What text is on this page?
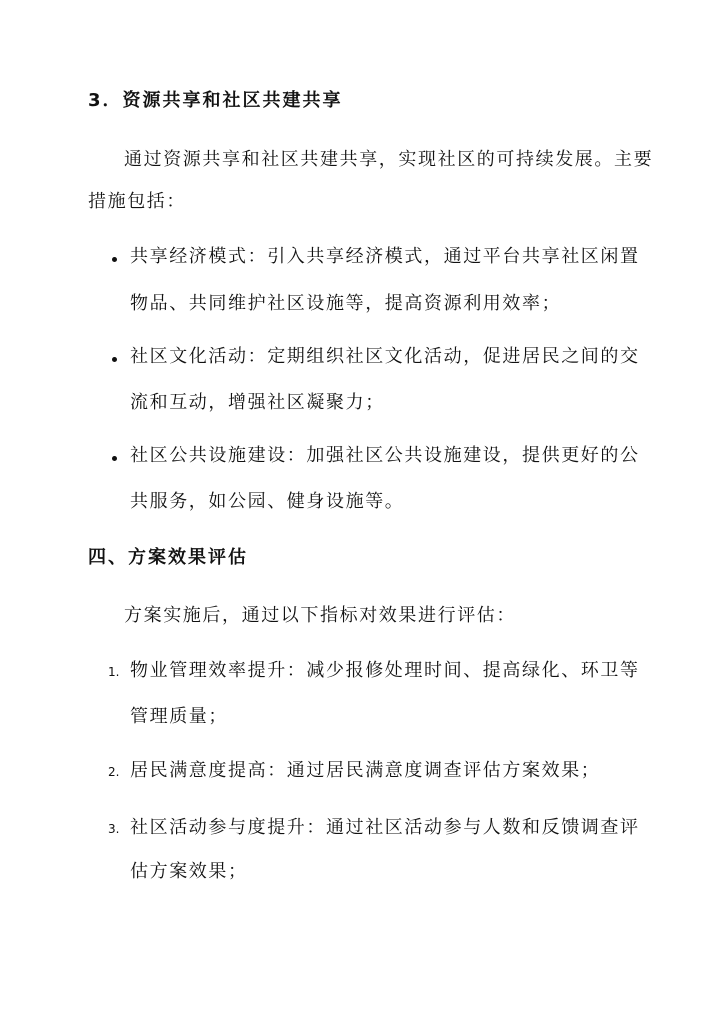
3．资源共享和社区共建共享
通过资源共享和社区共建共享，实现社区的可持续发展。主要
措施包括：
共享经济模式：引入共享经济模式，通过平台共享社区闲置
物品、共同维护社区设施等，提高资源利用效率；
社区文化活动：定期组织社区文化活动，促进居民之间的交
流和互动，增强社区凝聚力；
社区公共设施建设：加强社区公共设施建设，提供更好的公
共服务，如公园、健身设施等。
四、方案效果评估
方案实施后，通过以下指标对效果进行评估：
1. 物业管理效率提升：减少报修处理时间、提高绿化、环卫等
管理质量；
2. 居民满意度提高：通过居民满意度调查评估方案效果；
3. 社区活动参与度提升：通过社区活动参与人数和反馈调查评
估方案效果；
